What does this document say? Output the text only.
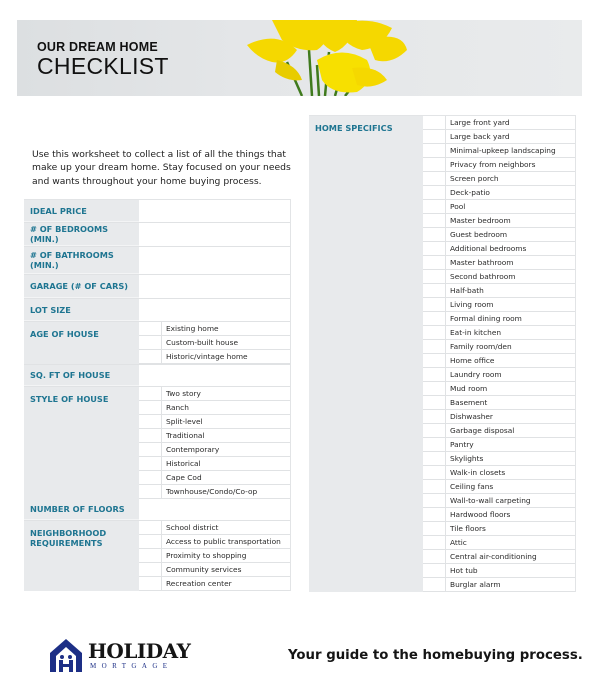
OUR DREAM HOME
CHECKLIST

Use this worksheet to collect a list of all the things that make up your dream home. Stay focused on your needs and wants throughout your home buying process.

IDEAL PRICE
# OF BEDROOMS (MIN.)
# OF BATHROOMS (MIN.)
GARAGE (# OF CARS)
LOT SIZE
AGE OF HOUSE
Existing home
Custom-built house
Historic/vintage home
SQ. FT OF HOUSE
STYLE OF HOUSE
Two story
Ranch
Split-level
Traditional
Contemporary
Historical
Cape Cod
Townhouse/Condo/Co-op
NUMBER OF FLOORS
NEIGHBORHOOD REQUIREMENTS
School district
Access to public transportation
Proximity to shopping
Community services
Recreation center
HOME SPECIFICS
Large front yard
Large back yard
Minimal-upkeep landscaping
Privacy from neighbors
Screen porch
Deck-patio
Pool
Master bedroom
Guest bedroom
Additional bedrooms
Master bathroom
Second bathroom
Half-bath
Living room
Formal dining room
Eat-in kitchen
Family room/den
Home office
Laundry room
Mud room
Basement
Dishwasher
Garbage disposal
Pantry
Skylights
Walk-in closets
Ceiling fans
Wall-to-wall carpeting
Hardwood floors
Tile floors
Attic
Central air-conditioning
Hot tub
Burglar alarm
HOLIDAY
MORTGAGE
Your guide to the homebuying process.
